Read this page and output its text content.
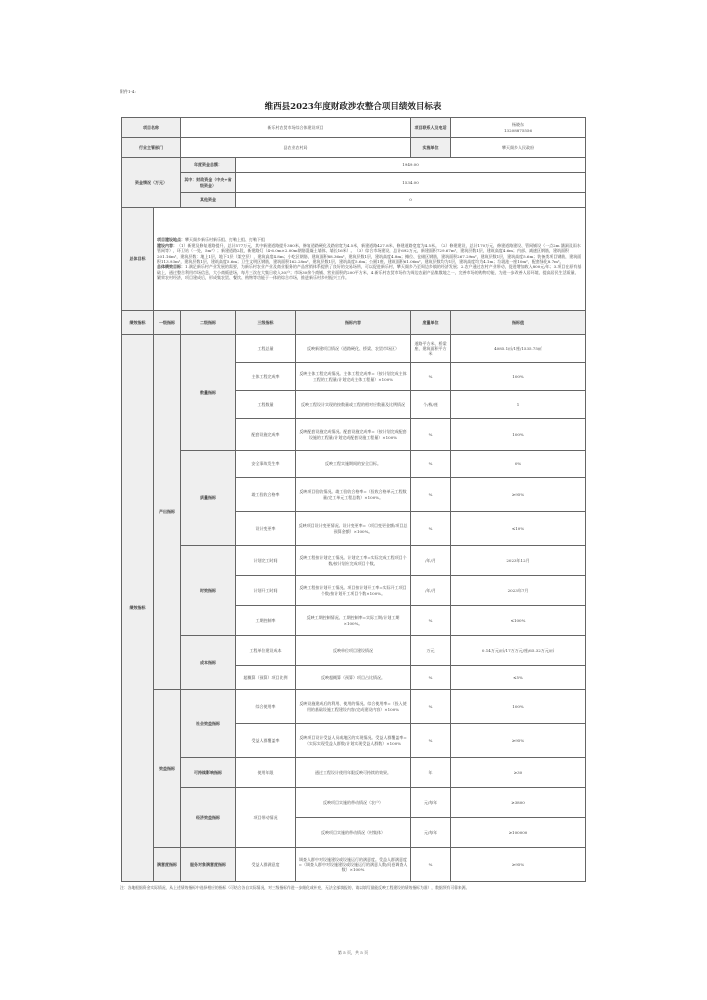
附件1-4:
维西县2023年度财政涉农整合项目绩效目标表
项目名称		新乐村农贸市场综合体建设项目			项目联系人及电话	杨晓东
13208875556

行业主管部门		县农业农村局			实施单位	攀天阁乡人民政府
资金情况（万元）		年度资金总额：	1949.00			
		其中：财政资金（中央+省级资金）	1534.00			
		其他资金	0			
总体目标	项目建设地点：攀天阁乡新乐村新乐组、打勒上组、打勒下组

建设内容：（1）新建及修复道路提升，总计577万元，其中新建道路提升380米，修复道路硬化及路肩宽为4.5米，新建道路427.8米，修建道路宽度为4.5米。（2）修建建设，总计170万元，修建道路建设、管网铺设（一点2m 涵洞及雨水管网等），环卫站（一处，5m²）；新建道路2段，新建路灯（4-6.0m×2.00m钢筋混凝土墙体、墙长16米）。（3）综合市场建设，总计692万元，新建面积729.67m²，建筑层数1层，建筑高度4.6m；内部、减速区钢筋，建筑面积201.16m²，建筑层数：地上1层，地下1层（架空层），建筑高度4.8m；小吃区钢筋，建筑面积88.36m²，建筑层数1层，建筑高度4.8m；摊位、仓储区钢筋，建筑面积267.29m²，建筑层数1层，建筑高度5.6m；装备类项目钢筋，建筑面积113.93m²，建筑层数1层，建筑高度5.6m；卫生文明区钢筋，建筑面积162.28m²，建筑层数1层，建筑高度5.6m；公厕1座，建筑面积61.06m²，建筑层数均为1层，建筑高度均为4.1m；垃圾池一座10m²，配套绿化8.7m²。

总体绩效目标：1.满足新乐村产业发展的需要，为新乐村农业产业及商业服务的产品营销体系提供了良好的交易场所，可以促进新乐村，攀天阁乡乃至周边乡镇的经济发展；2.农户通过农村产业带动，促进增加收入800元/年；3.项目在原有基础上，通过整合利用市场信息，大小商贩进场，每月三次在大集日收入30户；市场30余个商铺、营业面积约200平方米，4.新乐村农贸市场作为周边农副产品集散地之一，完善市场的购物功能，为进一步改善人居环境、提高居民生活质量、繁荣农村经济，项目建成后，形成集农贸、餐饮、购物等功能于一体的综合市场，推进新乐村乡村振兴工作。					

绩效指标	一级指标	二级指标	三级指标	指标内容	度量单位	指标值
绩效指标	产出指标	数量指标	工程总量	反映新建项目情况（道路硬化、桥梁、农贸市场区）	道路平方米、桥梁座、建筑面积平方米	4085.1㎡/1座/1535.75㎡
			主体工程完成率	反映主体工程完成情况。主体工程完成率=（按计划完成主体工程的工程量/计划完成主体工程量）×100%	%	100%
			工程数量	反映工程设计实现的按数量或工程的相对应数量及比例情况	个/栋/座	1
			配套设施完成率	反映配套设施完成情况。配套设施完成率=（按计划完成配套设施的工程量/计划完成配套设施工程量）×100%	%	100%
		质量指标	安全事故发生率	反映工程实施期间的安全目标。	%	0%
			竣工验收合格率	反映项目验收情况。竣工验收合格率=（验收合格单元工程数量/完工单元工程总数）×100%。	%	≥95%
			设计变更率	反映项目设计变更情况。设计变更率=（项目变更金额/项目总预算金额）×100%。	%	≤10%
		时效指标	计划完工时间	反映工程按计划完工情况。计划完工率=实际完成工程项目个数/按计划应完成项目个数。	/年/月	2023年12月
			计划开工时间	反映工程按计划开工情况。项目按计划开工率=实际开工项目个数/按计划开工项目个数×100%。	/年/月	2023年7月
			工期控制率	反映工期控制情况。工期控制率=实际工期/计划工期×100%。	%	≤100%
		成本指标	工程单位建设成本	反映单位项目建设情况	万元	0.14万元/㎡/17万万元/座/65.32万元/㎡
			超概算（预算）项目比例	反映超概算（预算）项目占比情况。	%	≤5%
	效益指标	社会效益指标	综合使用率	反映设施建成后的利用、使用的情况。综合使用率=（投入使用的基础设施工程建设内容/完成建设内容）×100%	%	100%
			受益人群覆盖率	反映项目设计受益人员或地区的实现情况。受益人群覆盖率=（实际实现受益人群数/计划实现受益人群数）×100%	%	≥95%
		可持续影响指标	使用年限	通过工程设计使用年限反映可持续的效果。	年	≥30
		经济效益指标	项目带动情况	反映项目实施的带动情况（农户）	元/每年	≥3800
				反映项目实施的带动情况（村集体）	元/每年	≥100000
	满意度指标	服务对象满意度指标	受益人群满意度	调查人群中对设施建设或设施运行的满意度。受益人群满意度=（调查人群中对设施建设或设施运行的满意人数/问卷调查人数）×100%	%	≥95%
注：各地根据资金实际情况，从上述绩效指标中选择相应的指标（可结合各自实际情况，对三级指标作进一步细化或补充，无法全部填报的，请以填写最能反映工程建设的绩效指标为准），数据须有可靠来源。
第 5 页，共 5 页
